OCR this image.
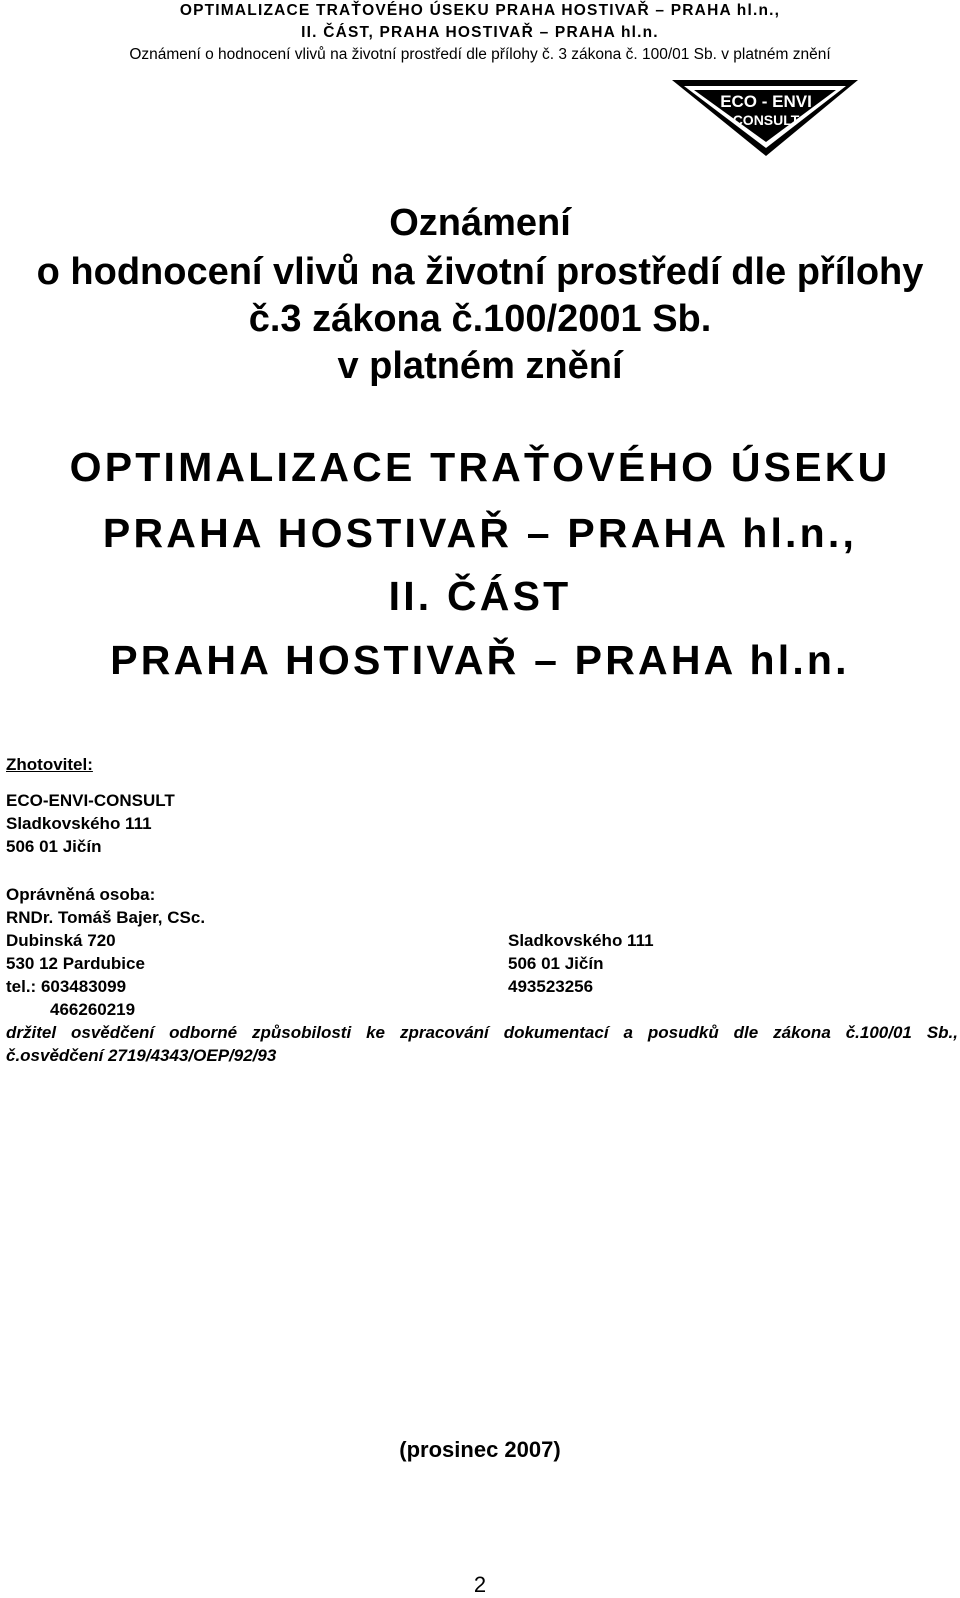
OPTIMALIZACE TRAŤOVÉHO ÚSEKU PRAHA HOSTIVAŘ – PRAHA hl.n.,
II. ČÁST, PRAHA HOSTIVAŘ – PRAHA hl.n.
Oznámení o hodnocení vlivů na životní prostředí dle přílohy č. 3 zákona č. 100/01 Sb. v platném znění
ECO - ENVI
CONSULT
Oznámení
o hodnocení vlivů na životní prostředí dle přílohy
č.3 zákona č.100/2001 Sb.
v platném znění
OPTIMALIZACE TRAŤOVÉHO ÚSEKU
PRAHA HOSTIVAŘ – PRAHA hl.n.,
II. ČÁST
PRAHA HOSTIVAŘ – PRAHA hl.n.
Zhotovitel:
ECO-ENVI-CONSULT
Sladkovského 111
506 01 Jičín
Oprávněná osoba:
RNDr. Tomáš Bajer, CSc.
Dubinská 720	Sladkovského 111
530 12 Pardubice	506 01 Jičín
tel.: 603483099	493523256
466260219
držitel osvědčení odborné způsobilosti ke zpracování dokumentací a posudků dle zákona č.100/01 Sb.,
č.osvědčení 2719/4343/OEP/92/93
(prosinec 2007)
2
